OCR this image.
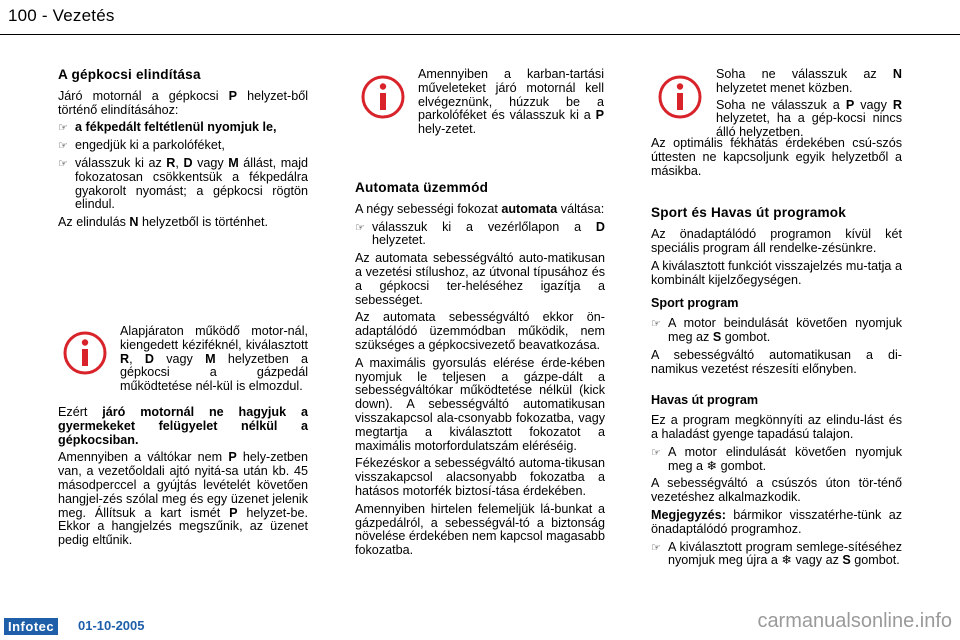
100 - Vezetés
A gépkocsi elindítása

Járó motornál a gépkocsi P helyzet-ből történő elindításához:

☞ a fékpedált feltétlenül nyomjuk le,
☞ engedjük ki a parkolóféket,
☞ válasszuk ki az R, D vagy M állást, majd fokozatosan csökkentsük a fékpedálra gyakorolt nyomást; a gépkocsi rögtön elindul.

Az elindulás N helyzetből is történhet.

Alapjáraton működő motor-nál, kiengedett kéziféknél, kiválasztott R, D vagy M helyzetben a gépkocsi a gázpedál működtetése nél-kül is elmozdul.

Ezért járó motornál ne hagyjuk a gyermekeket felügyelet nélkül a gépkocsiban.

Amennyiben a váltókar nem P hely-zetben van, a vezetőoldali ajtó nyitá-sa után kb. 45 másodperccel a gyújtás levételét követően hangjel-zés szólal meg és egy üzenet jelenik meg. Állítsuk a kart ismét P helyzet-be. Ekkor a hangjelzés megszűnik, az üzenet pedig eltűnik.

Amennyiben a karban-tartási műveleteket járó motornál kell elvégeznünk, húzzuk be a parkolóféket és válasszuk ki a P hely-zetet.
Automata üzemmód

A négy sebességi fokozat automata váltása:

☞ válasszuk ki a vezérlőlapon a D helyzetet.

Az automata sebességváltó auto-matikusan a vezetési stílushoz, az útvonal típusához és a gépkocsi ter-heléséhez igazítja a sebességet.

Az automata sebességváltó ekkor ön-adaptálódó üzemmódban működik, nem szükséges a gépkocsivezető beavatkozása.

A maximális gyorsulás elérése érde-kében nyomjuk le teljesen a gázpe-dált a sebességváltókar működtetése nélkül (kick down). A sebességváltó automatikusan visszakapcsol ala-csonyabb fokozatba, vagy megtartja a kiválasztott fokozatot a maximális motorfordulatszám eléréséig.

Fékezéskor a sebességváltó automa-tikusan visszakapcsol alacsonyabb fokozatba a hatásos motorfék biztosí-tása érdekében.

Amennyiben hirtelen felemeljük lá-bunkat a gázpedálról, a sebességvál-tó a biztonság növelése érdekében nem kapcsol magasabb fokozatba.

Soha ne válasszuk az N helyzetet menet közben.

Soha ne válasszuk a P vagy R helyzetet, ha a gép-kocsi nincs álló helyzetben.

Az optimális fékhatás érdekében csú-szós úttesten ne kapcsoljunk egyik helyzetből a másikba.

Sport és Havas út programok

Az önadaptálódó programon kívül két speciális program áll rendelke-zésünkre.

A kiválasztott funkciót visszajelzés mu-tatja a kombinált kijelzőegységen.

Sport program
☞ A motor beindulását követően nyomjuk meg az S gombot.

A sebességváltó automatikusan a di-namikus vezetést részesíti előnyben.

Havas út program

Ez a program megkönnyíti az elindu-lást és a haladást gyenge tapadású talajon.

☞ A motor elindulását követően nyomjuk meg a ❄ gombot.

A sebességváltó a csúszós úton tör-ténő vezetéshez alkalmazkodik.

Megjegyzés: bármikor visszatérhe-tünk az önadaptálódó programhoz.

☞ A kiválasztott program semlege-sítéséhez nyomjuk meg újra a ❄ vagy az S gombot.
Infotec	01-10-2005	carmanualsonline.info
